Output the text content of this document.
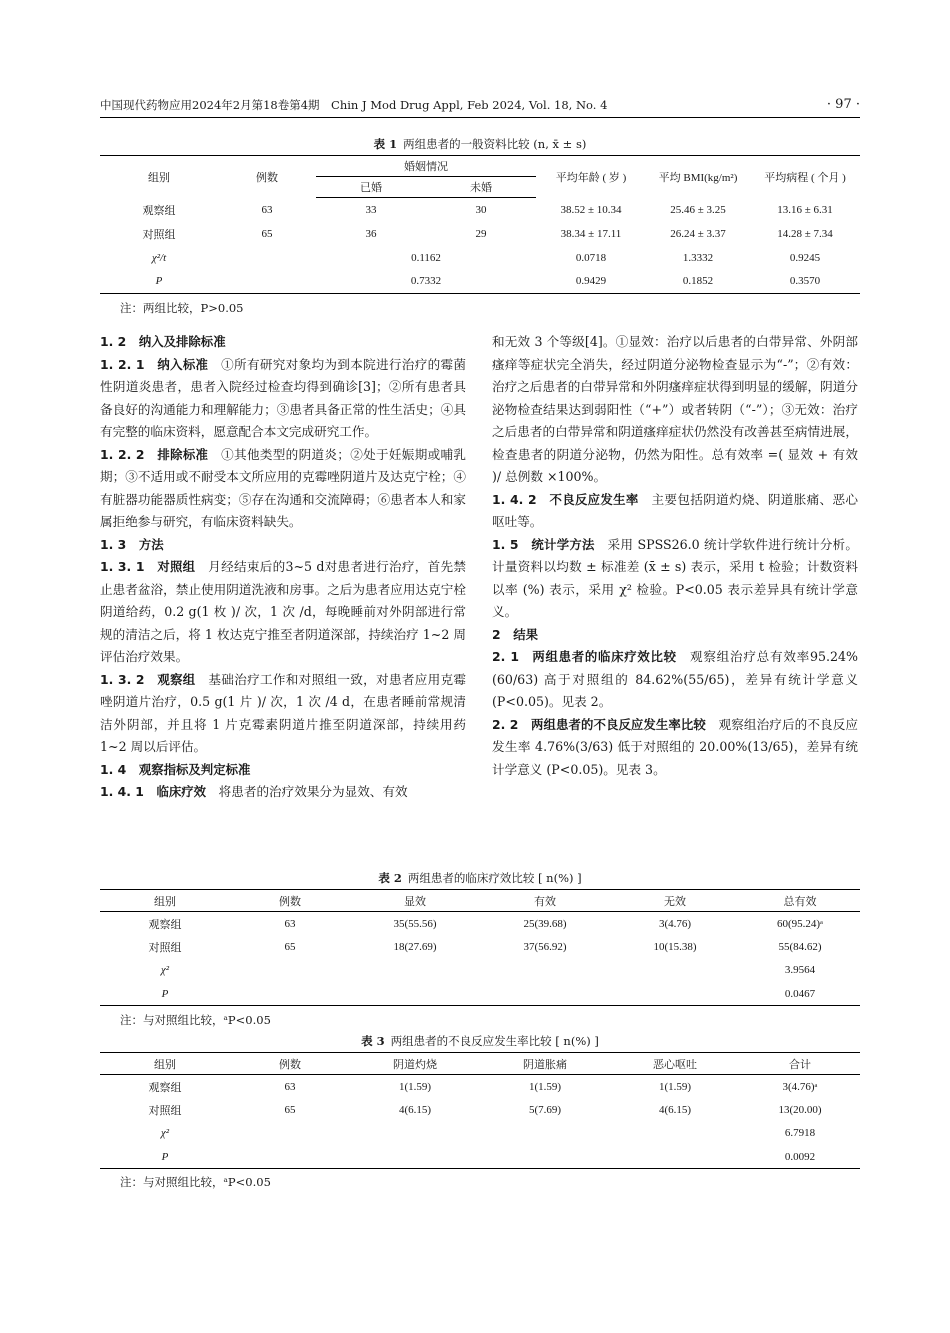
中国现代药物应用2024年2月第18卷第4期　Chin J Mod Drug Appl, Feb 2024, Vol. 18, No. 4	· 97 ·
表 1 两组患者的一般资料比较 (n, x̄ ± s)
组别	例数	婚姻情况		平均年龄 ( 岁 )	平均 BMI(kg/m²)	平均病程 ( 个月 )
		已婚	未婚			
观察组	63	33	30	38.52 ± 10.34	25.46 ± 3.25	13.16 ± 6.31
对照组	65	36	29	38.34 ± 17.11	26.24 ± 3.37	14.28 ± 7.34
χ²/t		0.1162		0.0718	1.3332	0.9245
P		0.7332		0.9429	0.1852	0.3570
注：两组比较，P>0.05

1. 2  纳入及排除标准 

1. 2. 1  纳入标准  ①所有研究对象均为到本院进行治疗的霉菌性阴道炎患者，患者入院经过检查均得到确诊[3]；②所有患者具备良好的沟通能力和理解能力；③患者具备正常的性生活史；④具有完整的临床资料，愿意配合本文完成研究工作。

1. 2. 2  排除标准  ①其他类型的阴道炎；②处于妊娠期或哺乳期；③不适用或不耐受本文所应用的克霉唑阴道片及达克宁栓；④有脏器功能器质性病变；⑤存在沟通和交流障碍；⑥患者本人和家属拒绝参与研究，有临床资料缺失。

1. 3  方法 

1. 3. 1  对照组  月经结束后的3~5 d对患者进行治疗，首先禁止患者盆浴，禁止使用阴道洗液和房事。之后为患者应用达克宁栓阴道给药，0.2 g(1 枚 )/ 次，1 次 /d，每晚睡前对外阴部进行常规的清洁之后，将 1 枚达克宁推至者阴道深部，持续治疗 1~2 周评估治疗效果。

1. 3. 2  观察组  基础治疗工作和对照组一致，对患者应用克霉唑阴道片治疗，0.5 g(1 片 )/ 次，1 次 /4 d，在患者睡前常规清洁外阴部，并且将 1 片克霉素阴道片推至阴道深部，持续用药 1~2 周以后评估。

1. 4  观察指标及判定标准 

1. 4. 1  临床疗效  将患者的治疗效果分为显效、有效

和无效 3 个等级[4]。①显效：治疗以后患者的白带异常、外阴部瘙痒等症状完全消失，经过阴道分泌物检查显示为“-”；②有效：治疗之后患者的白带异常和外阴瘙痒症状得到明显的缓解，阴道分泌物检查结果达到弱阳性（“+”）或者转阴（“-”）；③无效：治疗之后患者的白带异常和阴道瘙痒症状仍然没有改善甚至病情进展，检查患者的阴道分泌物，仍然为阳性。总有效率 =( 显效 + 有效 )/ 总例数 ×100%。

1. 4. 2  不良反应发生率  主要包括阴道灼烧、阴道胀痛、恶心呕吐等。

1. 5  统计学方法  采用 SPSS26.0 统计学软件进行统计分析。计量资料以均数 ± 标准差 (x̄ ± s) 表示，采用 t 检验；计数资料以率 (%) 表示，采用 χ² 检验。P<0.05 表示差异具有统计学意义。

2  结果 

2. 1  两组患者的临床疗效比较  观察组治疗总有效率95.24%(60/63) 高于对照组的 84.62%(55/65)，差异有统计学意义 (P<0.05)。见表 2。

2. 2  两组患者的不良反应发生率比较  观察组治疗后的不良反应发生率 4.76%(3/63) 低于对照组的 20.00%(13/65)，差异有统计学意义 (P<0.05)。见表 3。

表 2 两组患者的临床疗效比较 [ n(%) ]
组别	例数	显效	有效	无效	总有效
观察组	63	35(55.56)	25(39.68)	3(4.76)	60(95.24)ᵃ
对照组	65	18(27.69)	37(56.92)	10(15.38)	55(84.62)
χ²					3.9564
P					0.0467
注：与对照组比较，ᵃP<0.05
表 3 两组患者的不良反应发生率比较 [ n(%) ]
组别	例数	阴道灼烧	阴道胀痛	恶心呕吐	合计
观察组	63	1(1.59)	1(1.59)	1(1.59)	3(4.76)ᵃ
对照组	65	4(6.15)	5(7.69)	4(6.15)	13(20.00)
χ²					6.7918
P					0.0092
注：与对照组比较，ᵃP<0.05
